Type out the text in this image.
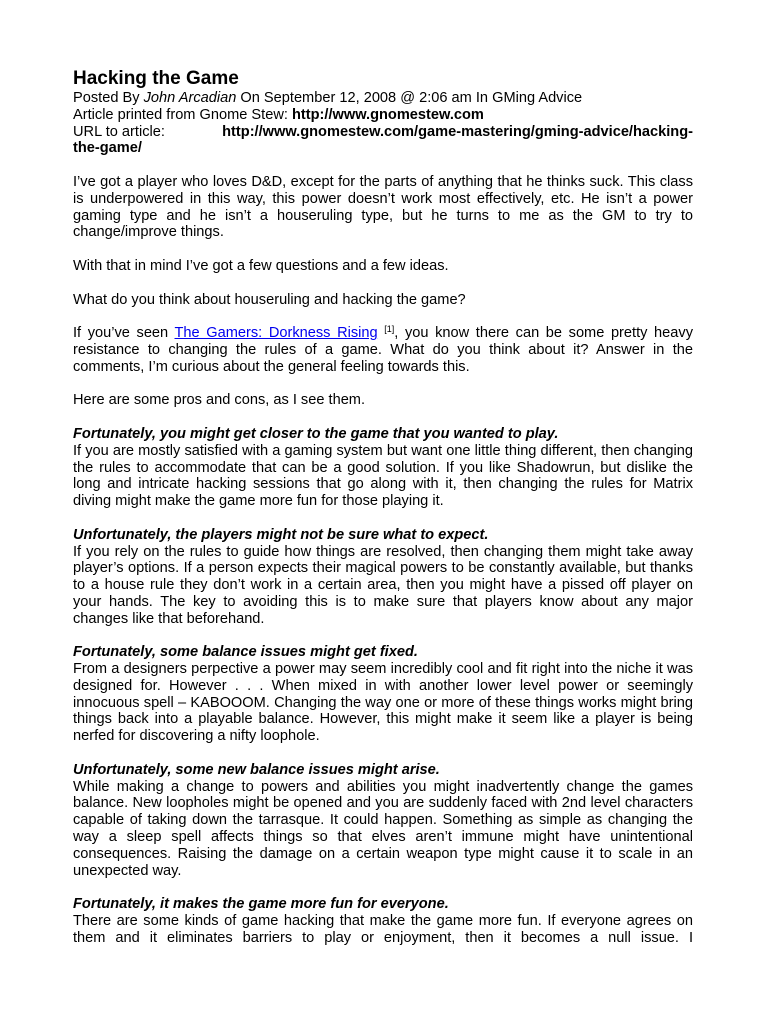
Hacking the Game

Posted By John Arcadian On September 12, 2008 @ 2:06 am In GMing Advice

Article printed from Gnome Stew: http://www.gnomestew.com

URL to article:	http://www.gnomestew.com/game-mastering/gming-advice/hacking-

the-game/

I’ve got a player who loves D&D, except for the parts of anything that he thinks suck. This class is underpowered in this way, this power doesn’t work most effectively, etc. He isn’t a power gaming type and he isn’t a houseruling type, but he turns to me as the GM to try to change/improve things.

With that in mind I’ve got a few questions and a few ideas.

What do you think about houseruling and hacking the game?

If you’ve seen The Gamers: Dorkness Rising [1], you know there can be some pretty heavy resistance to changing the rules of a game. What do you think about it? Answer in the comments, I’m curious about the general feeling towards this.

Here are some pros and cons, as I see them.

Fortunately, you might get closer to the game that you wanted to play.

If you are mostly satisfied with a gaming system but want one little thing different, then changing the rules to accommodate that can be a good solution. If you like Shadowrun, but dislike the long and intricate hacking sessions that go along with it, then changing the rules for Matrix diving might make the game more fun for those playing it.

Unfortunately, the players might not be sure what to expect.

If you rely on the rules to guide how things are resolved, then changing them might take away player’s options. If a person expects their magical powers to be constantly available, but thanks to a house rule they don’t work in a certain area, then you might have a pissed off player on your hands. The key to avoiding this is to make sure that players know about any major changes like that beforehand.

Fortunately, some balance issues might get fixed.

From a designers perpective a power may seem incredibly cool and fit right into the niche it was designed for. However . . . When mixed in with another lower level power or seemingly innocuous spell – KABOOOM. Changing the way one or more of these things works might bring things back into a playable balance. However, this might make it seem like a player is being nerfed for discovering a nifty loophole.

Unfortunately, some new balance issues might arise.

While making a change to powers and abilities you might inadvertently change the games balance. New loopholes might be opened and you are suddenly faced with 2nd level characters capable of taking down the tarrasque. It could happen. Something as simple as changing the way a sleep spell affects things so that elves aren’t immune might have unintentional consequences. Raising the damage on a certain weapon type might cause it to scale in an unexpected way.

Fortunately, it makes the game more fun for everyone.

There are some kinds of game hacking that make the game more fun. If everyone agrees on them and it eliminates barriers to play or enjoyment, then it becomes a null issue. I
